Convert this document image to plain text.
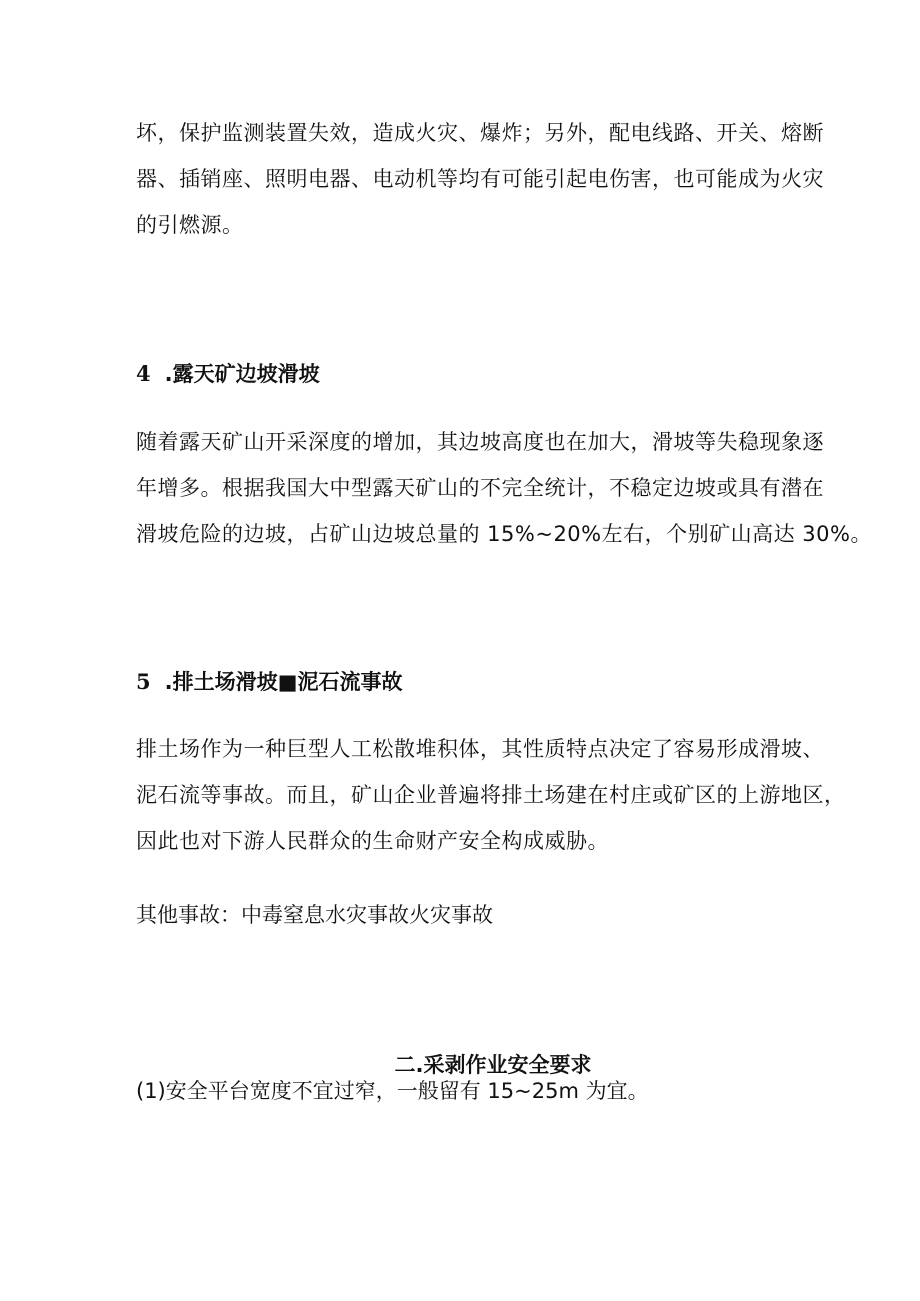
坏，保护监测装置失效，造成火灾、爆炸；另外，配电线路、开关、熔断
器、插销座、照明电器、电动机等均有可能引起电伤害，也可能成为火灾
的引燃源。

4 .露天矿边坡滑坡

随着露天矿山开采深度的增加，其边坡高度也在加大，滑坡等失稳现象逐
年增多。根据我国大中型露天矿山的不完全统计，不稳定边坡或具有潜在
滑坡危险的边坡，占矿山边坡总量的 15%~20%左右，个别矿山高达 30%。

5 .排土场滑坡■泥石流事故

排土场作为一种巨型人工松散堆积体，其性质特点决定了容易形成滑坡、
泥石流等事故。而且，矿山企业普遍将排土场建在村庄或矿区的上游地区，
因此也对下游人民群众的生命财产安全构成威胁。

其他事故：中毒窒息水灾事故火灾事故

二.采剥作业安全要求

(1)安全平台宽度不宜过窄，一般留有 15~25m 为宜。
